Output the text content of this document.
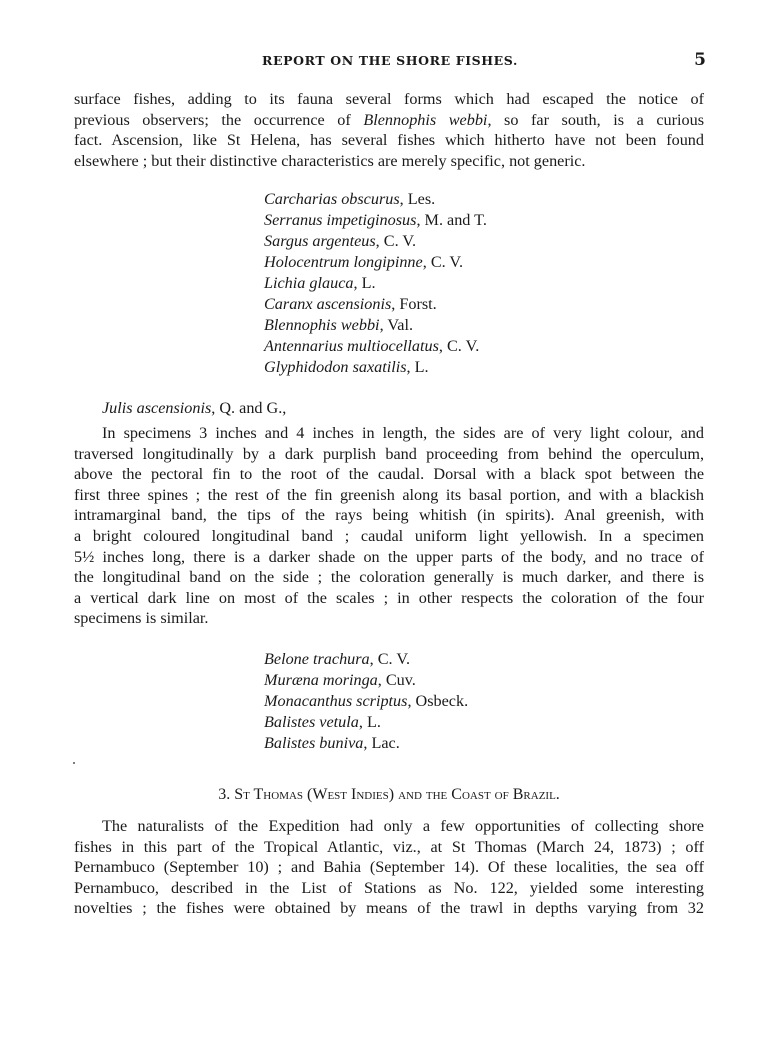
REPORT ON THE SHORE FISHES.	5
surface fishes, adding to its fauna several forms which had escaped the notice of
previous observers; the occurrence of Blennophis webbi, so far south, is a curious
fact. Ascension, like St Helena, has several fishes which hitherto have not been found
elsewhere ; but their distinctive characteristics are merely specific, not generic.
Carcharias obscurus, Les.
Serranus impetiginosus, M. and T.
Sargus argenteus, C. V.
Holocentrum longipinne, C. V.
Lichia glauca, L.
Caranx ascensionis, Forst.
Blennophis webbi, Val.
Antennarius multiocellatus, C. V.
Glyphidodon saxatilis, L.
Julis ascensionis, Q. and G.,
In specimens 3 inches and 4 inches in length, the sides are of very light colour, and
traversed longitudinally by a dark purplish band proceeding from behind the operculum,
above the pectoral fin to the root of the caudal. Dorsal with a black spot between the
first three spines ; the rest of the fin greenish along its basal portion, and with a blackish
intramarginal band, the tips of the rays being whitish (in spirits). Anal greenish, with
a bright coloured longitudinal band ; caudal uniform light yellowish. In a specimen
5½ inches long, there is a darker shade on the upper parts of the body, and no trace of
the longitudinal band on the side ; the coloration generally is much darker, and there is
a vertical dark line on most of the scales ; in other respects the coloration of the four
specimens is similar.
Belone trachura, C. V.
Muræna moringa, Cuv.
Monacanthus scriptus, Osbeck.
Balistes vetula, L.
Balistes buniva, Lac.
3. St Thomas (West Indies) and the Coast of Brazil.
The naturalists of the Expedition had only a few opportunities of collecting shore
fishes in this part of the Tropical Atlantic, viz., at St Thomas (March 24, 1873) ; off
Pernambuco (September 10) ; and Bahia (September 14). Of these localities, the sea off
Pernambuco, described in the List of Stations as No. 122, yielded some interesting
novelties ; the fishes were obtained by means of the trawl in depths varying from 32
